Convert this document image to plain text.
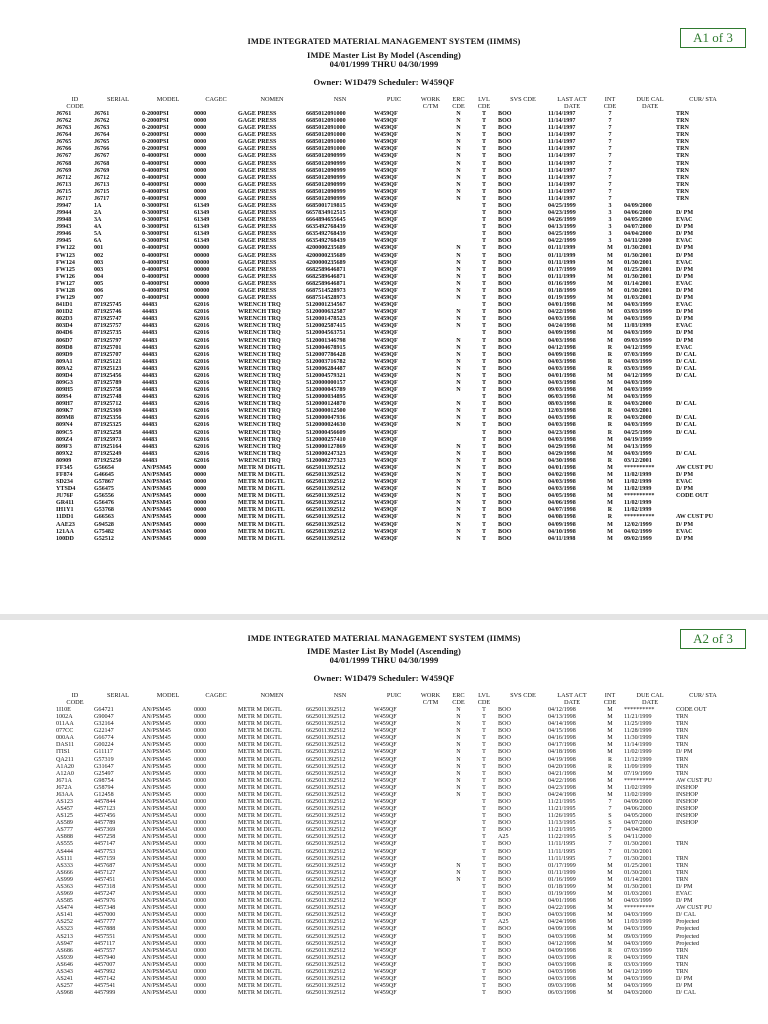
A1 of 3
IMDE INTEGRATED MATERIAL MANAGEMENT SYSTEM (IIMMS)
IMDE Master List By Model (Ascending)
04/01/1999 THRU 04/30/1999
Owner: W1D479 Scheduler: W459QF
ID
CODE	SERIAL	MODEL	CAGEC	NOMEN	NSN	PUIC	WORK
C/TM	ERC
CDE	LVL
CDE	SVS CDE	LAST ACT
DATE	INT
CDE	DUE CAL
DATE	CUR/ STA
J6761	J6761	0-2000PSI	0000	GAGE PRESS	6685012091000	W459QF		N	T	BOO	11/14/1997	7		TRN
J6762	J6762	0-2000PSI	0000	GAGE PRESS	6685012091000	W459QF		N	T	BOO	11/14/1997	7		TRN
J6763	J6763	0-2000PSI	0000	GAGE PRESS	6685012091000	W459QF		N	T	BOO	11/14/1997	7		TRN
J6764	J6764	0-2000PSI	0000	GAGE PRESS	6685012091000	W459QF		N	T	BOO	11/14/1997	7		TRN
J6765	J6765	0-2000PSI	0000	GAGE PRESS	6685012091000	W459QF		N	T	BOO	11/14/1997	7		TRN
J6766	J6766	0-2000PSI	0000	GAGE PRESS	6685012091000	W459QF		N	T	BOO	11/14/1997	7		TRN
J6767	J6767	0-4000PSI	0000	GAGE PRESS	6685012090999	W459QF		N	T	BOO	11/14/1997	7		TRN
J6768	J6768	0-4000PSI	0000	GAGE PRESS	6685012090999	W459QF		N	T	BOO	11/14/1997	7		TRN
J6769	J6769	0-4000PSI	0000	GAGE PRESS	6685012090999	W459QF		N	T	BOO	11/14/1997	7		TRN
J6712	J6712	0-4000PSI	0000	GAGE PRESS	6685012090999	W459QF		N	T	BOO	11/14/1997	7		TRN
J6713	J6713	0-4000PSI	0000	GAGE PRESS	6685012090999	W459QF		N	T	BOO	11/14/1997	7		TRN
J6715	J6715	0-4000PSI	0000	GAGE PRESS	6685012090999	W459QF		N	T	BOO	11/14/1997	7		TRN
J6717	J6717	0-4000PSI	0000	GAGE PRESS	6685012090999	W459QF		N	T	BOO	11/14/1997	7		TRN
J9947	1A	0-3000PSI	61349	GAGE PRESS	6685001719815	W459QF			T	BOO	04/25/1999	3	04/09/2000	
J9944	2A	0-3000PSI	61349	GAGE PRESS	6657834912515	W459QF			T	BOO	04/23/1999	3	04/06/2000	D/ PM
J9948	3A	0-3000PSI	61349	GAGE PRESS	6664894655645	W459QF			T	BOO	04/26/1999	3	04/05/2000	EVAC
J9943	4A	0-3000PSI	61349	GAGE PRESS	6635492768439	W459QF			T	BOO	04/13/1999	3	04/07/2000	D/ PM
J9946	5A	0-3000PSI	61349	GAGE PRESS	6635492768439	W459QF			T	BOO	04/25/1999	3	04/04/2000	D/ PM
J9945	6A	0-3000PSI	61349	GAGE PRESS	6635492768439	W459QF			T	BOO	04/22/1999	3	04/11/2000	EVAC
FW122	001	0-4000PSI	00000	GAGE PRESS	4200000235689	W459QF		N	T	BOO	01/11/1999	M	01/30/2001	D/ PM
FW123	002	0-4000PSI	00000	GAGE PRESS	4200000235689	W459QF		N	T	BOO	01/11/1999	M	01/30/2001	D/ PM
FW124	003	0-4000PSI	00000	GAGE PRESS	4200000235689	W459QF		N	T	BOO	01/11/1999	M	01/30/2001	EVAC
FW125	003	0-4000PSI	00000	GAGE PRESS	6682589646871	W459QF		N	T	BOO	01/17/1999	M	01/25/2001	D/ PM
FW126	004	0-4000PSI	00000	GAGE PRESS	6682589646871	W459QF		N	T	BOO	01/11/1999	M	01/30/2001	D/ PM
FW127	005	0-4000PSI	00000	GAGE PRESS	6682589646871	W459QF		N	T	BOO	01/16/1999	M	01/14/2001	EVAC
FW128	006	0-4000PSI	00000	GAGE PRESS	6687514528973	W459QF		N	T	BOO	01/18/1999	M	01/30/2001	D/ PM
FW129	007	0-4000PSI	00000	GAGE PRESS	6687514528973	W459QF		N	T	BOO	01/19/1999	M	01/03/2001	D/ PM
841D1	871925745	44483	62016	WRENCH TRQ	5120001234567	W459QF			T	BOO	04/01/1998	M	04/03/1999	EVAC
801D2	871925746	44483	62016	WRENCH TRQ	5120000632587	W459QF		N	T	BOO	04/22/1998	M	03/03/1999	D/ PM
802D3	871925747	44483	62016	WRENCH TRQ	5120001478523	W459QF		N	T	BOO	04/03/1998	M	04/03/1999	D/ PM
803D4	871925757	44483	62016	WRENCH TRQ	5120002587415	W459QF		N	T	BOO	04/24/1998	M	11/03/1999	EVAC
804D6	871925735	44483	62016	WRENCH TRQ	5120004563751	W459QF			T	BOO	04/09/1998	M	04/03/1999	D/ PM
806D7	871925797	44483	62016	WRENCH TRQ	5120001346798	W459QF		N	T	BOO	04/03/1998	M	09/03/1999	D/ PM
809D8	871925701	44483	62016	WRENCH TRQ	5120004678915	W459QF		N	T	BOO	04/12/1998	R	04/12/1999	EVAC
809D9	871925707	44483	62016	WRENCH TRQ	5120007786428	W459QF		N	T	BOO	04/09/1998	R	07/03/1999	D/ CAL
809A1	871925121	44483	62016	WRENCH TRQ	5120003716782	W459QF		N	T	BOO	04/03/1998	R	04/03/1999	D/ CAL
809A2	871925123	44483	62016	WRENCH TRQ	5120006284487	W459QF		N	T	BOO	04/03/1998	R	03/03/1999	D/ CAL
809D4	871925456	44483	62016	WRENCH TRQ	5120004579321	W459QF		N	T	BOO	04/01/1998	M	04/12/1999	D/ CAL
809G3	871925789	44483	62016	WRENCH TRQ	5120000000157	W459QF		N	T	BOO	04/03/1998	M	04/03/1999	
809H5	871925758	44483	62016	WRENCH TRQ	5120000045789	W459QF		N	T	BOO	09/03/1998	M	04/03/1999	
809S4	871925748	44483	62016	WRENCH TRQ	5120000034895	W459QF			T	BOO	06/03/1998	M	04/03/1999	
809H7	871925712	44483	62016	WRENCH TRQ	5120000124870	W459QF		N	T	BOO	08/03/1998	R	04/03/2000	D/ CAL
809K7	871925369	44483	62016	WRENCH TRQ	5120000012500	W459QF		N	T	BOO	12/03/1998	R	04/03/2001	
809M8	871925356	44483	62016	WRENCH TRQ	5120000047936	W459QF		N	T	BOO	04/03/1998	R	04/03/2000	D/ CAL
809N4	871925325	44483	62016	WRENCH TRQ	5120000024630	W459QF		N	T	BOO	04/03/1998	R	04/03/1999	D/ CAL
809C5	871925258	44483	62016	WRENCH TRQ	5120000456609	W459QF			T	BOO	04/23/1998	R	04/25/1999	D/ CAL
809Z4	871925973	44483	62016	WRENCH TRQ	5120000257410	W459QF			T	BOO	04/03/1998	M	04/19/1999	
809F3	871925164	44483	62016	WRENCH TRQ	5120000127869	W459QF		N	T	BOO	04/29/1998	M	04/13/1999	
809X2	871925249	44483	62016	WRENCH TRQ	5120000247323	W459QF		N	T	BOO	04/29/1998	M	04/03/1999	D/ CAL
80909	871925250	44483	62016	WRENCH TRQ	5120000277323	W459QF		N	T	BOO	04/30/1998	R	03/12/2001	
FF345	G56654	AN/PSM45	0000	METR M DIGTL	6625011392512	W459QF		N	T	BOO	04/01/1998	M	**********	AW CUST PU
FF874	G46645	AN/PSM45	0000	METR M DIGTL	6625011392512	W459QF		N	T	BOO	04/02/1998	M	11/02/1999	D/ PM
SD234	G57867	AN/PSM45	0000	METR M DIGTL	6625011392512	W459QF		N	T	BOO	04/03/1998	M	11/02/1999	EVAC
YTSD4	G56475	AN/PSM45	0000	METR M DIGTL	6625011392512	W459QF		N	T	BOO	04/03/1998	M	11/02/1999	D/ PM
JU76F	G56556	AN/PSM45	0000	METR M DIGTL	6625011392512	W459QF		N	T	BOO	04/05/1998	M	**********	CODE OUT
GR411	G56476	AN/PSM45	0000	METR M DIGTL	6625011392512	W459QF		N	T	BOO	04/06/1998	M	11/02/1999	
IH1Y1	G53768	AN/PSM45	0000	METR M DIGTL	6625011392512	W459QF		N	T	BOO	04/07/1998	R	11/02/1999	
11DD1	G66563	AN/PSM45	0000	METR M DIGTL	6625011392512	W459QF		N	T	BOO	04/08/1998	R	**********	AW CUST PU
AAE23	G94528	AN/PSM45	0000	METR M DIGTL	6625011392512	W459QF		N	T	BOO	04/09/1998	M	12/02/1999	D/ PM
121AA	G75482	AN/PSM45	0000	METR M DIGTL	6625011392512	W459QF		N	T	BOO	04/10/1998	M	04/02/1999	EVAC
100DD	G52512	AN/PSM45	0000	METR M DIGTL	6625011392512	W459QF		N	T	BOO	04/11/1998	M	09/02/1999	D/ PM
A2 of 3
IMDE INTEGRATED MATERIAL MANAGEMENT SYSTEM (IIMMS)
IMDE Master List By Model (Ascending)
04/01/1999 THRU 04/30/1999
Owner: W1D479 Scheduler: W459QF
ID
CODE	SERIAL	MODEL	CAGEC	NOMEN	NSN	PUIC	WORK
C/TM	ERC
CDE	LVL
CDE	SVS CDE	LAST ACT
DATE	INT
CDE	DUE CAL
DATE	CUR/ STA
1I10E	G64721	AN/PSM45	0000	METR M DIGTL	6625011392512	W459QF		N	T	BOO	04/12/1998	M	**********	CODE OUT
1002A	G90047	AN/PSM45	0000	METR M DIGTL	6625011392512	W459QF		N	T	BOO	04/13/1998	M	11/21/1999	TRN
011AA	G32164	AN/PSM45	0000	METR M DIGTL	6625011392512	W459QF		N	T	BOO	04/14/1998	M	11/25/1999	TRN
077CC	G22147	AN/PSM45	0000	METR M DIGTL	6625011392512	W459QF		N	T	BOO	04/15/1998	M	11/28/1999	TRN
000AA	G66774	AN/PSM45	0000	METR M DIGTL	6625011392512	W459QF		N	T	BOO	04/16/1998	M	11/30/1999	TRN
DAS11	G00224	AN/PSM45	0000	METR M DIGTL	6625011392512	W459QF		N	T	BOO	04/17/1998	M	11/14/1999	TRN
ITIS1	G11117	AN/PSM45	0000	METR M DIGTL	6625011392512	W459QF		N	T	BOO	04/18/1998	M	11/02/1999	D/ PM
QA211	G57319	AN/PSM45	0000	METR M DIGTL	6625011392512	W459QF		N	T	BOO	04/19/1998	R	11/12/1999	TRN
A1A20	G31647	AN/PSM45	0000	METR M DIGTL	6625011392512	W459QF		N	T	BOO	04/20/1998	R	11/09/1999	TRN
A12A0	G25497	AN/PSM45	0000	METR M DIGTL	6625011392512	W459QF		N	T	BOO	04/21/1998	M	07/19/1999	TRN
J671A	G98754	AN/PSM45	0000	METR M DIGTL	6625011392512	W459QF		N	T	BOO	04/22/1998	M	**********	AW CUST PU
J672A	G58794	AN/PSM45	0000	METR M DIGTL	6625011392512	W459QF		N	T	BOO	04/23/1998	M	11/02/1999	INSHOP
J63AA	G12458	AN/PSM45	0000	METR M DIGTL	6625011392512	W459QF		N	T	BOO	04/24/1998	M	11/02/1999	INSHOP
AS123	4457844	AN/PSM45AI	0000	METR M DIGTL	6625011392512	W459QF			T	BOO	11/21/1995	7	04/09/2000	INSHOP
AS457	4457123	AN/PSM45AI	0000	METR M DIGTL	6625011392512	W459QF			T	BOO	11/21/1995	7	04/06/2000	INSHOP
AS125	4457456	AN/PSM45AI	0000	METR M DIGTL	6625011392512	W459QF			T	BOO	11/26/1995	S	04/05/2000	INSHOP
AS589	4457789	AN/PSM45AI	0000	METR M DIGTL	6625011392512	W459QF			T	BOO	11/13/1995	S	04/07/2000	INSHOP
AS777	4457369	AN/PSM45AI	0000	METR M DIGTL	6625011392512	W459QF			T	BOO	11/21/1995	7	04/04/2000	
AS888	4457258	AN/PSM45AI	0000	METR M DIGTL	6625011392512	W459QF			T	A25	11/22/1995	S	04/11/2000	
AS555	4457147	AN/PSM45AI	0000	METR M DIGTL	6625011392512	W459QF			T	BOO	11/11/1995	7	01/30/2001	TRN
AS444	4457753	AN/PSM45AI	0000	METR M DIGTL	6625011392512	W459QF			T	BOO	11/11/1995	7	01/30/2001	
AS111	4457159	AN/PSM45AI	0000	METR M DIGTL	6625011392512	W459QF			T	BOO	11/11/1995	7	01/30/2001	TRN
AS333	4457687	AN/PSM45AI	0000	METR M DIGTL	6625011392512	W459QF		N	T	BOO	01/17/1999	M	01/25/2001	TRN
AS666	4457127	AN/PSM45AI	0000	METR M DIGTL	6625011392512	W459QF		N	T	BOO	01/11/1999	M	01/30/2001	TRN
AS999	4457451	AN/PSM45AI	0000	METR M DIGTL	6625011392512	W459QF		N	T	BOO	01/16/1999	M	01/14/2001	TRN
AS363	4457318	AN/PSM45AI	0000	METR M DIGTL	6625011392512	W459QF			T	BOO	01/18/1999	M	01/30/2001	D/ PM
AS969	4457247	AN/PSM45AI	0000	METR M DIGTL	6625011392512	W459QF			T	BOO	01/19/1999	M	01/03/2001	EVAC
AS585	4457976	AN/PSM45AI	0000	METR M DIGTL	6625011392512	W459QF			T	BOO	04/01/1998	M	04/03/1999	D/ PM
AS474	4457348	AN/PSM45AI	0000	METR M DIGTL	6625011392512	W459QF			T	BOO	04/22/1998	M	**********	AW CUST PU
AS141	4457000	AN/PSM45AI	0000	METR M DIGTL	6625011392512	W459QF			T	BOO	04/03/1998	M	04/03/1999	D/ CAL
AS252	4457777	AN/PSM45AI	0000	METR M DIGTL	6625011392512	W459QF			T	A25	04/24/1998	M	11/03/1999	Projected
AS323	4457888	AN/PSM45AI	0000	METR M DIGTL	6625011392512	W459QF			T	BOO	04/09/1998	M	04/03/1999	Projected
AS213	4457551	AN/PSM45AI	0000	METR M DIGTL	6625011392512	W459QF			T	BOO	04/03/1998	M	09/03/1999	Projected
AS947	4457117	AN/PSM45AI	0000	METR M DIGTL	6625011392512	W459QF			T	BOO	04/12/1998	M	04/03/1999	Projected
AS686	4457557	AN/PSM45AI	0000	METR M DIGTL	6625011392512	W459QF			T	BOO	04/09/1998	R	07/03/1999	TRN
AS939	4457940	AN/PSM45AI	0000	METR M DIGTL	6625011392512	W459QF			T	BOO	04/03/1998	R	04/03/1999	TRN
AS646	4457007	AN/PSM45AI	0000	METR M DIGTL	6625011392512	W459QF			T	BOO	04/03/1998	R	03/03/1999	TRN
AS343	4457992	AN/PSM45AI	0000	METR M DIGTL	6625011392512	W459QF			T	BOO	04/03/1998	M	04/12/1999	TRN
AS241	4457142	AN/PSM45AI	0000	METR M DIGTL	6625011392512	W459QF			T	BOO	04/03/1998	M	04/03/1999	D/ PM
AS257	4457541	AN/PSM45AI	0000	METR M DIGTL	6625011392512	W459QF			T	BOO	09/03/1998	M	04/03/1999	D/ PM
AS968	4457999	AN/PSM45AI	0000	METR M DIGTL	6625011392512	W459QF			T	BOO	06/03/1998	M	04/03/2000	D/ CAL
